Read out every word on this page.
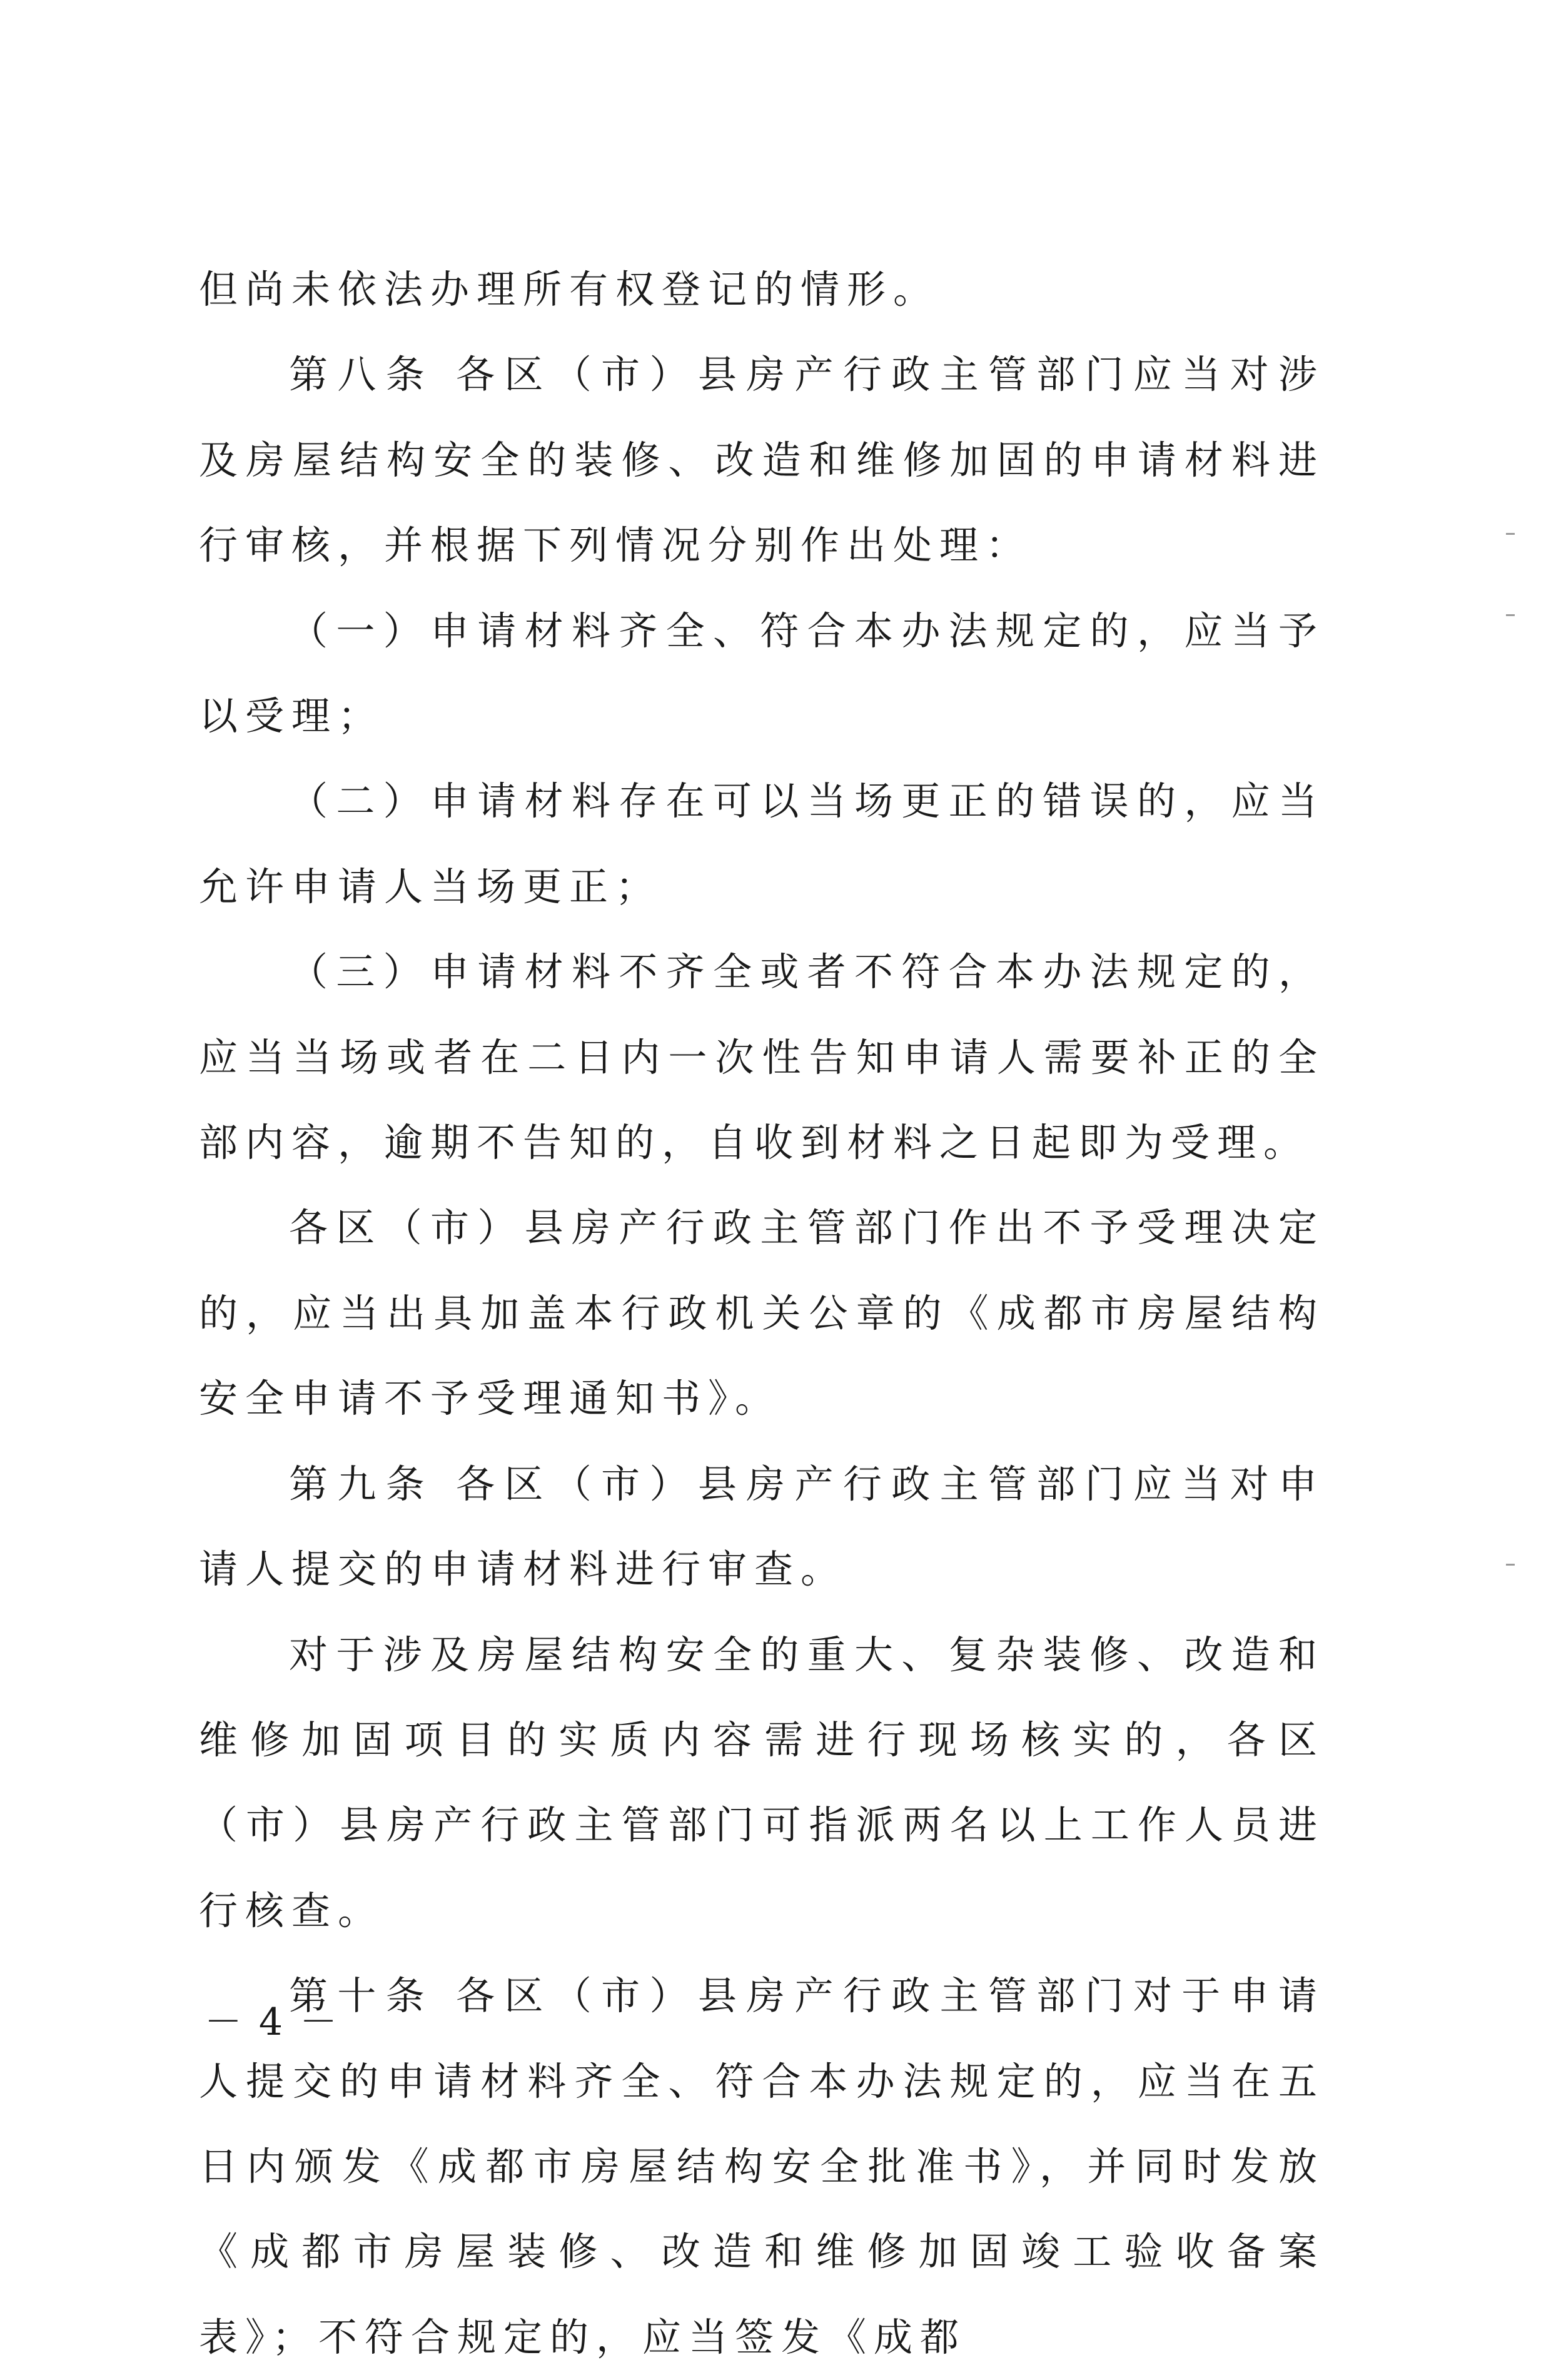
但尚未依法办理所有权登记的情形。

第八条 各区（市）县房产行政主管部门应当对涉及房屋结构安全的装修、改造和维修加固的申请材料进行审核，并根据下列情况分别作出处理：

（一）申请材料齐全、符合本办法规定的，应当予以受理；

（二）申请材料存在可以当场更正的错误的，应当允许申请人当场更正；

（三）申请材料不齐全或者不符合本办法规定的，应当当场或者在二日内一次性告知申请人需要补正的全部内容，逾期不告知的，自收到材料之日起即为受理。

各区（市）县房产行政主管部门作出不予受理决定的，应当出具加盖本行政机关公章的《成都市房屋结构安全申请不予受理通知书》。

第九条 各区（市）县房产行政主管部门应当对申请人提交的申请材料进行审查。

对于涉及房屋结构安全的重大、复杂装修、改造和维修加固项目的实质内容需进行现场核实的，各区（市）县房产行政主管部门可指派两名以上工作人员进行核查。

第十条 各区（市）县房产行政主管部门对于申请人提交的申请材料齐全、符合本办法规定的，应当在五日内颁发《成都市房屋结构安全批准书》，并同时发放《成都市房屋装修、改造和维修加固竣工验收备案表》；不符合规定的，应当签发《成都

－ 4 －
